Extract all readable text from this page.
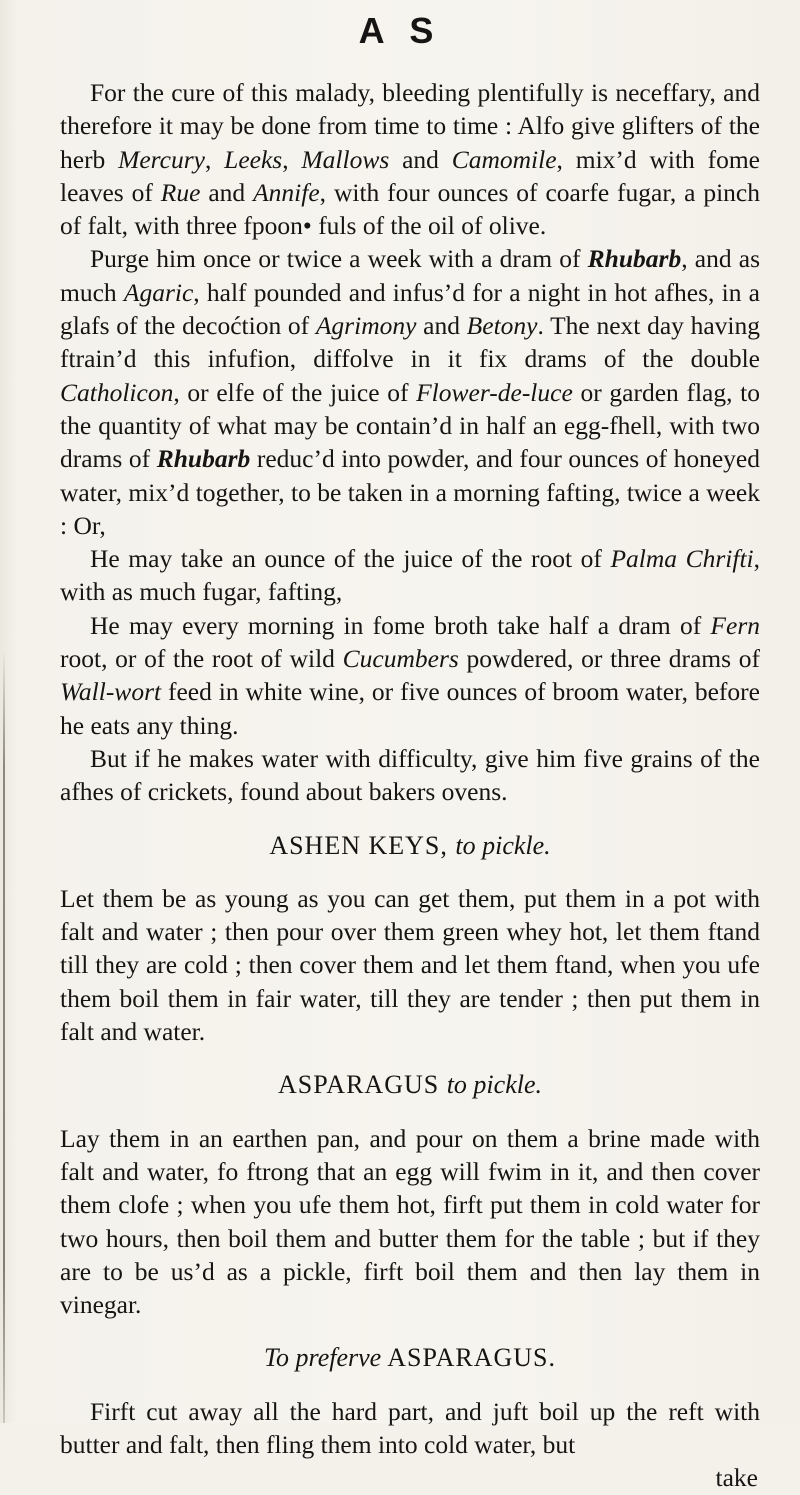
A S

For the cure of this malady, bleeding plentifully is neceffary, and therefore it may be done from time to time : Alfo give glifters of the herb Mercury, Leeks, Mallows and Camomile, mix’d with fome leaves of Rue and Annife, with four ounces of coarfe fugar, a pinch of falt, with three fpoon• fuls of the oil of olive.

Purge him once or twice a week with a dram of Rhubarb, and as much Agaric, half pounded and infus’d for a night in hot afhes, in a glafs of the decoćtion of Agrimony and Betony. The next day having ftrain’d this infufion, diffolve in it fix drams of the double Catholicon, or elfe of the juice of Flower-de-luce or garden flag, to the quantity of what may be contain’d in half an egg-fhell, with two drams of Rhubarb reduc’d into powder, and four ounces of honeyed water, mix’d together, to be taken in a morning fafting, twice a week : Or,

He may take an ounce of the juice of the root of Palma Chrifti, with as much fugar, fafting,

He may every morning in fome broth take half a dram of Fern root, or of the root of wild Cucumbers powdered, or three drams of Wall-wort feed in white wine, or five ounces of broom water, before he eats any thing.

But if he makes water with difficulty, give him five grains of the afhes of crickets, found about bakers ovens.

ASHEN KEYS, to pickle.

Let them be as young as you can get them, put them in a pot with falt and water ; then pour over them green whey hot, let them ftand till they are cold ; then cover them and let them ftand, when you ufe them boil them in fair water, till they are tender ; then put them in falt and water.

ASPARAGUS to pickle.

Lay them in an earthen pan, and pour on them a brine made with falt and water, fo ftrong that an egg will fwim in it, and then cover them clofe ; when you ufe them hot, firft put them in cold water for two hours, then boil them and butter them for the table ; but if they are to be us’d as a pickle, firft boil them and then lay them in vinegar.

To preferve ASPARAGUS.

Firft cut away all the hard part, and juft boil up the reft with butter and falt, then fling them into cold water, but

take
